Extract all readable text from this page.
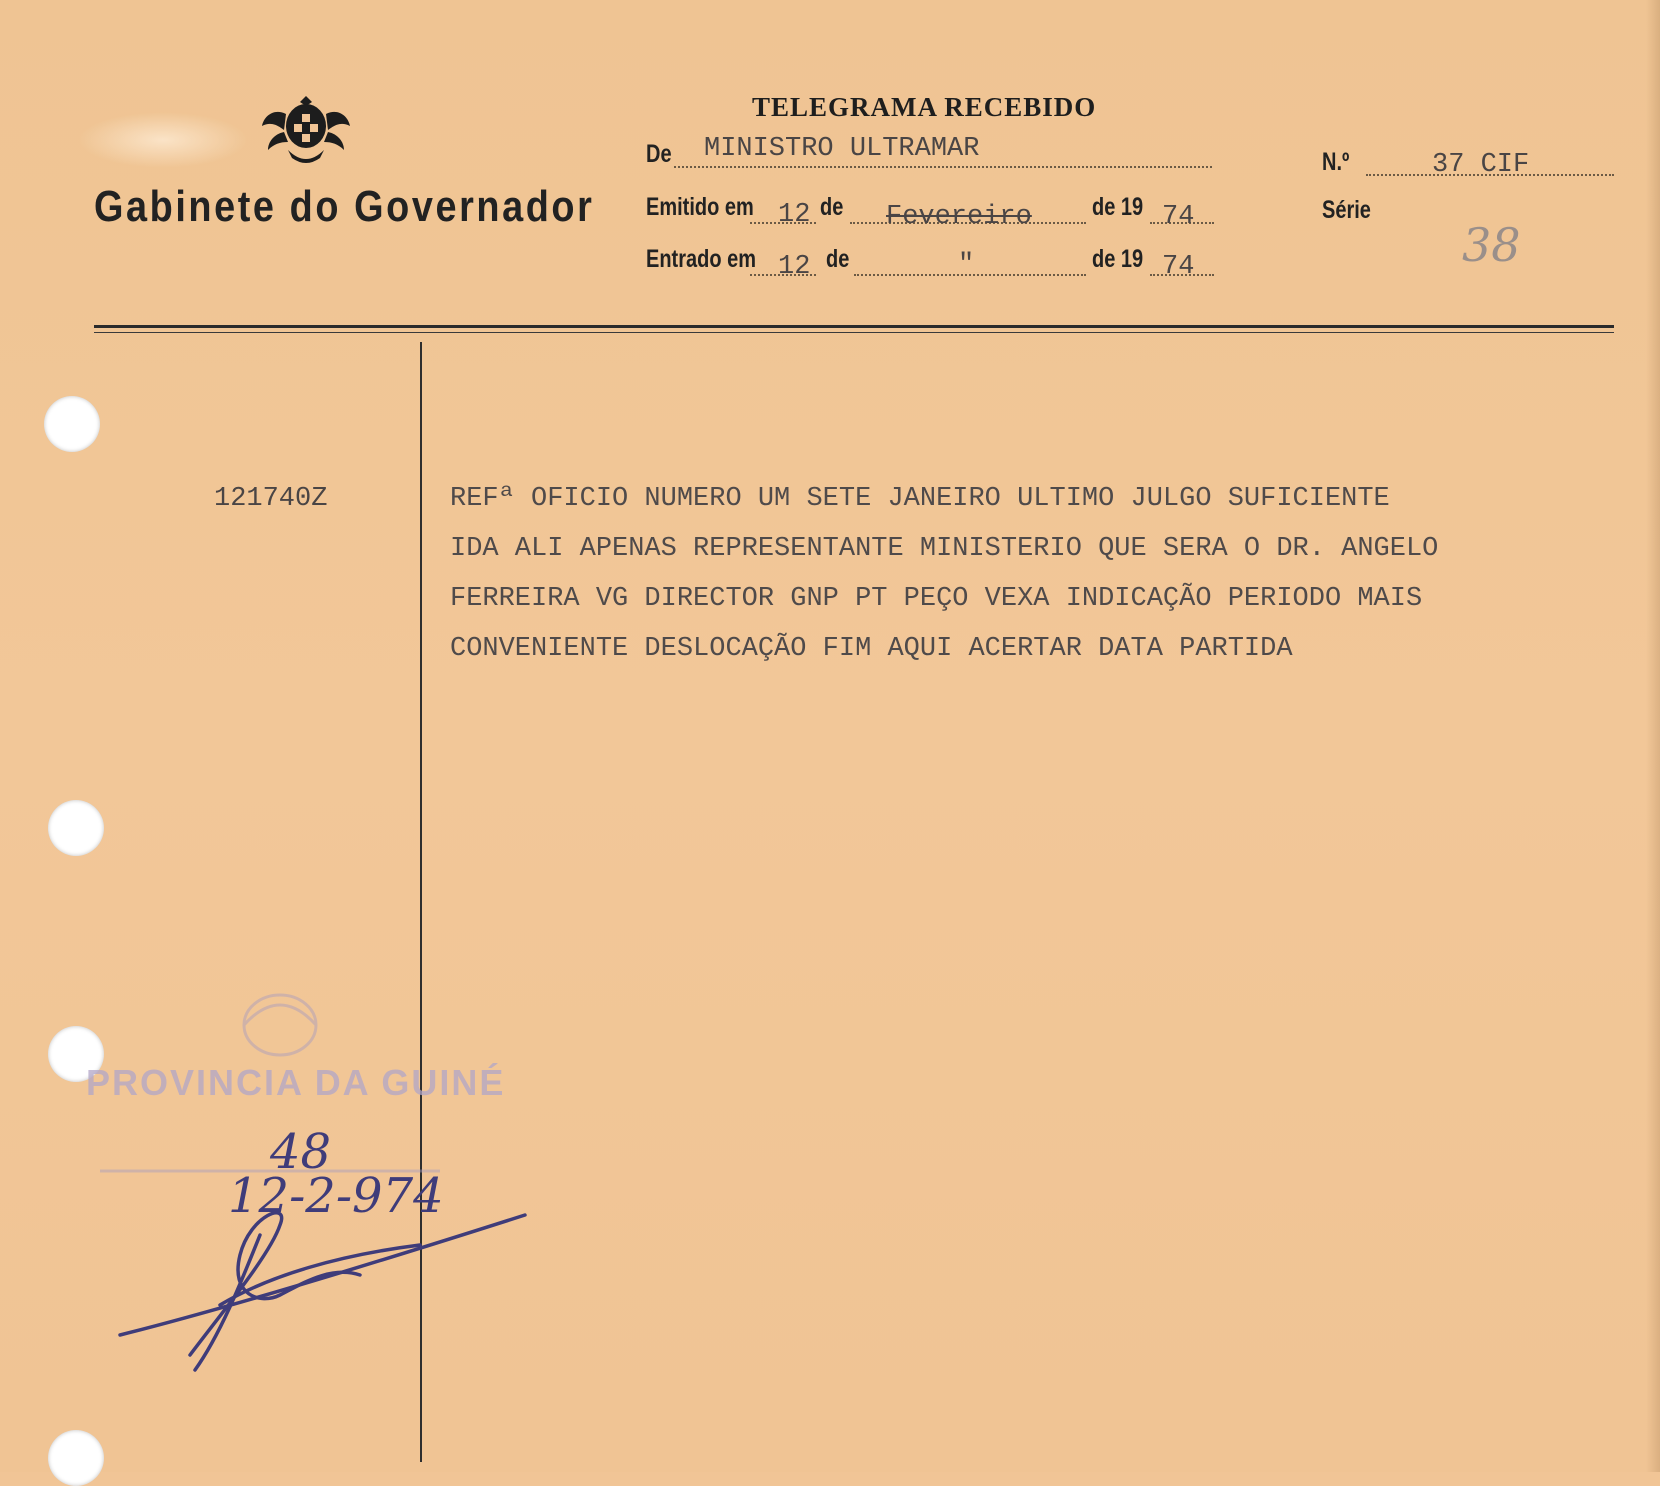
Gabinete do Governador
TELEGRAMA RECEBIDO
De MINISTRO ULTRAMAR	N.º	37 CIF
Série
38
Emitido em 12 de Fevereiro de 19 74
Entrado em 12 de	"	de 19 74
121740Z	REFª OFICIO NUMERO UM SETE JANEIRO ULTIMO JULGO SUFICIENTE
IDA ALI APENAS REPRESENTANTE MINISTERIO QUE SERA O DR. ANGELO
FERREIRA VG DIRECTOR GNP PT PEÇO VEXA INDICAÇÃO PERIODO MAIS
CONVENIENTE DESLOCAÇÃO FIM AQUI ACERTAR DATA PARTIDA
PROVINCIA DA GUINÉ
48
12-2-974
